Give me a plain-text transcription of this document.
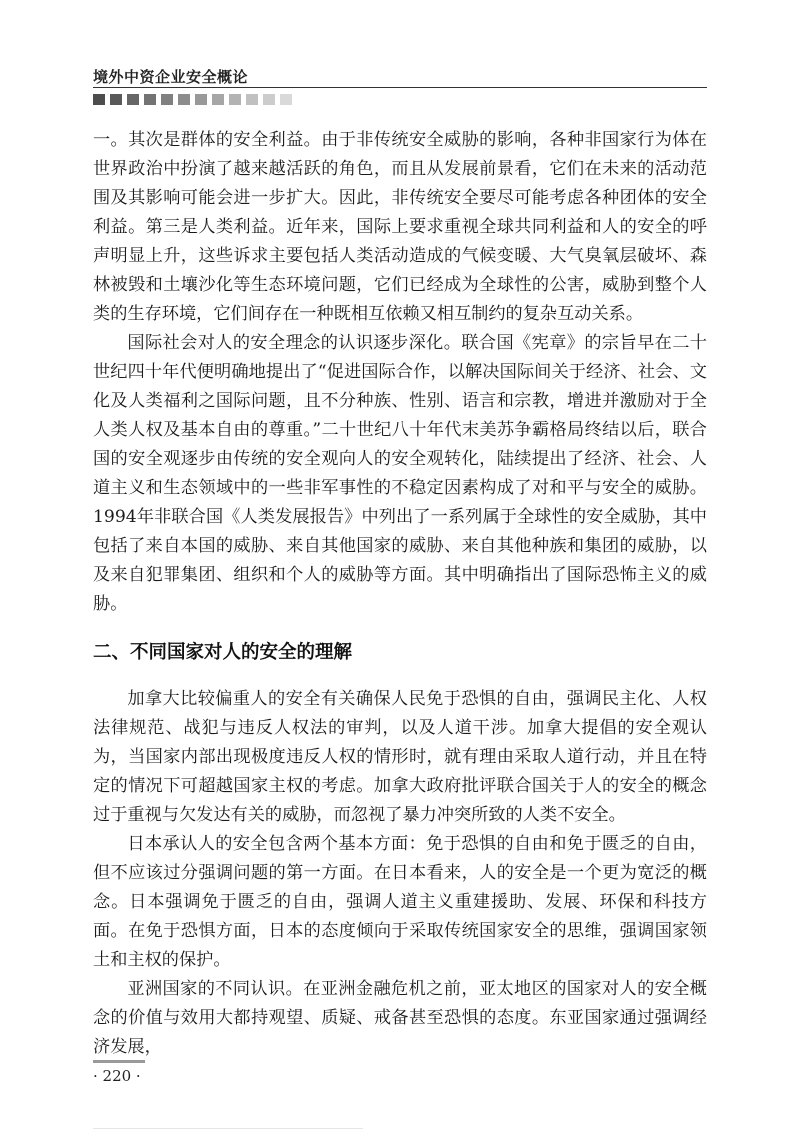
境外中资企业安全概论

一。其次是群体的安全利益。由于非传统安全威胁的影响，各种非国家行为体在世界政治中扮演了越来越活跃的角色，而且从发展前景看，它们在未来的活动范围及其影响可能会进一步扩大。因此，非传统安全要尽可能考虑各种团体的安全利益。第三是人类利益。近年来，国际上要求重视全球共同利益和人的安全的呼声明显上升，这些诉求主要包括人类活动造成的气候变暖、大气臭氧层破坏、森林被毁和土壤沙化等生态环境问题，它们已经成为全球性的公害，威胁到整个人类的生存环境，它们间存在一种既相互依赖又相互制约的复杂互动关系。

国际社会对人的安全理念的认识逐步深化。联合国《宪章》的宗旨早在二十世纪四十年代便明确地提出了“促进国际合作，以解决国际间关于经济、社会、文化及人类福利之国际问题，且不分种族、性别、语言和宗教，增进并激励对于全人类人权及基本自由的尊重。”二十世纪八十年代末美苏争霸格局终结以后，联合国的安全观逐步由传统的安全观向人的安全观转化，陆续提出了经济、社会、人道主义和生态领域中的一些非军事性的不稳定因素构成了对和平与安全的威胁。1994年非联合国《人类发展报告》中列出了一系列属于全球性的安全威胁，其中包括了来自本国的威胁、来自其他国家的威胁、来自其他种族和集团的威胁，以及来自犯罪集团、组织和个人的威胁等方面。其中明确指出了国际恐怖主义的威胁。

二、不同国家对人的安全的理解

加拿大比较偏重人的安全有关确保人民免于恐惧的自由，强调民主化、人权法律规范、战犯与违反人权法的审判，以及人道干涉。加拿大提倡的安全观认为，当国家内部出现极度违反人权的情形时，就有理由采取人道行动，并且在特定的情况下可超越国家主权的考虑。加拿大政府批评联合国关于人的安全的概念过于重视与欠发达有关的威胁，而忽视了暴力冲突所致的人类不安全。

日本承认人的安全包含两个基本方面：免于恐惧的自由和免于匮乏的自由，但不应该过分强调问题的第一方面。在日本看来，人的安全是一个更为宽泛的概念。日本强调免于匮乏的自由，强调人道主义重建援助、发展、环保和科技方面。在免于恐惧方面，日本的态度倾向于采取传统国家安全的思维，强调国家领土和主权的保护。

亚洲国家的不同认识。在亚洲金融危机之前，亚太地区的国家对人的安全概念的价值与效用大都持观望、质疑、戒备甚至恐惧的态度。东亚国家通过强调经济发展，

· 220 ·
